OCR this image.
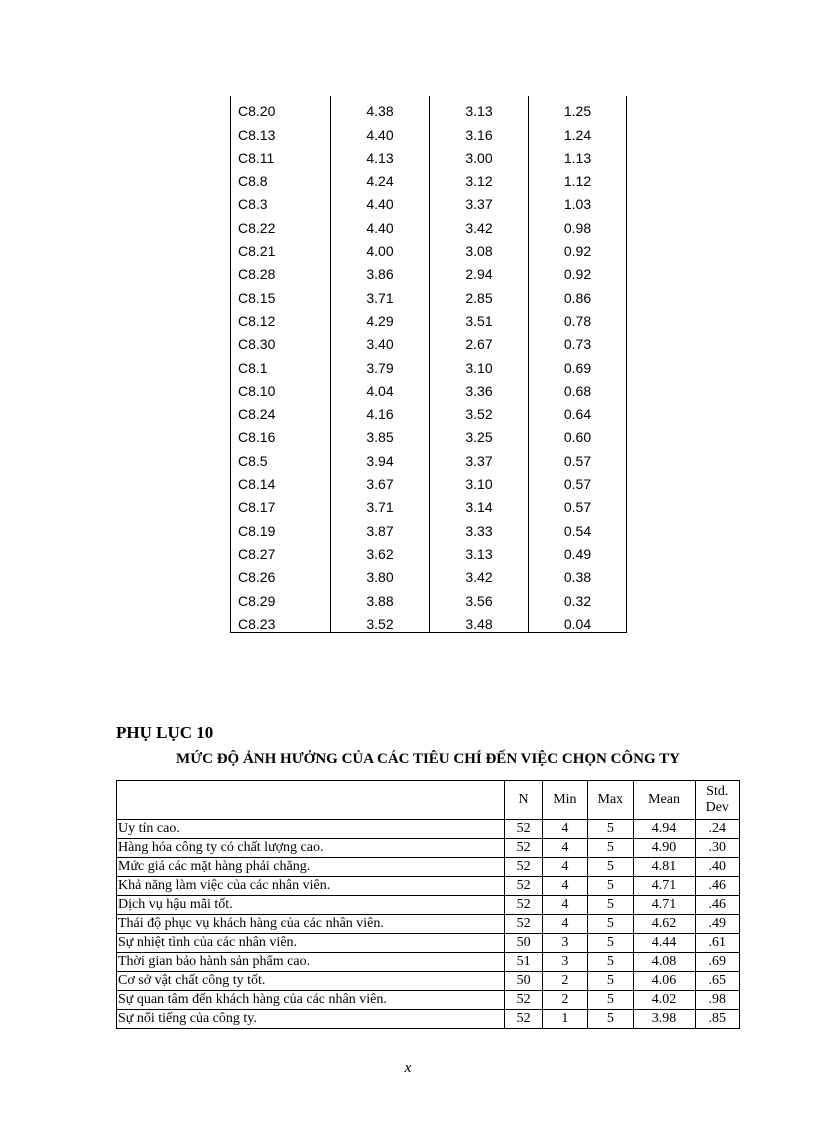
C8.20	4.38	3.13	1.25
C8.13	4.40	3.16	1.24
C8.11	4.13	3.00	1.13
C8.8	4.24	3.12	1.12
C8.3	4.40	3.37	1.03
C8.22	4.40	3.42	0.98
C8.21	4.00	3.08	0.92
C8.28	3.86	2.94	0.92
C8.15	3.71	2.85	0.86
C8.12	4.29	3.51	0.78
C8.30	3.40	2.67	0.73
C8.1	3.79	3.10	0.69
C8.10	4.04	3.36	0.68
C8.24	4.16	3.52	0.64
C8.16	3.85	3.25	0.60
C8.5	3.94	3.37	0.57
C8.14	3.67	3.10	0.57
C8.17	3.71	3.14	0.57
C8.19	3.87	3.33	0.54
C8.27	3.62	3.13	0.49
C8.26	3.80	3.42	0.38
C8.29	3.88	3.56	0.32
C8.23	3.52	3.48	0.04
PHỤ LỤC 10
MỨC ĐỘ ẢNH HƯỞNG CỦA CÁC TIÊU CHÍ ĐẾN VIỆC CHỌN CÔNG TY
	N	Min	Max	Mean	Std.
Dev
Uy tín cao.	52	4	5	4.94	.24
Hàng hóa công ty có chất lượng cao.	52	4	5	4.90	.30
Mức giá các mặt hàng phải chăng.	52	4	5	4.81	.40
Khả năng làm việc của các nhân viên.	52	4	5	4.71	.46
Dịch vụ hậu mãi tốt.	52	4	5	4.71	.46
Thái độ phục vụ khách hàng của các nhân viên.	52	4	5	4.62	.49
Sự nhiệt tình của các nhân viên.	50	3	5	4.44	.61
Thời gian bảo hành sản phẩm cao.	51	3	5	4.08	.69
Cơ sở vật chất công ty tốt.	50	2	5	4.06	.65
Sự quan tâm đến khách hàng của các nhân viên.	52	2	5	4.02	.98
Sự nổi tiếng của công ty.	52	1	5	3.98	.85
x
